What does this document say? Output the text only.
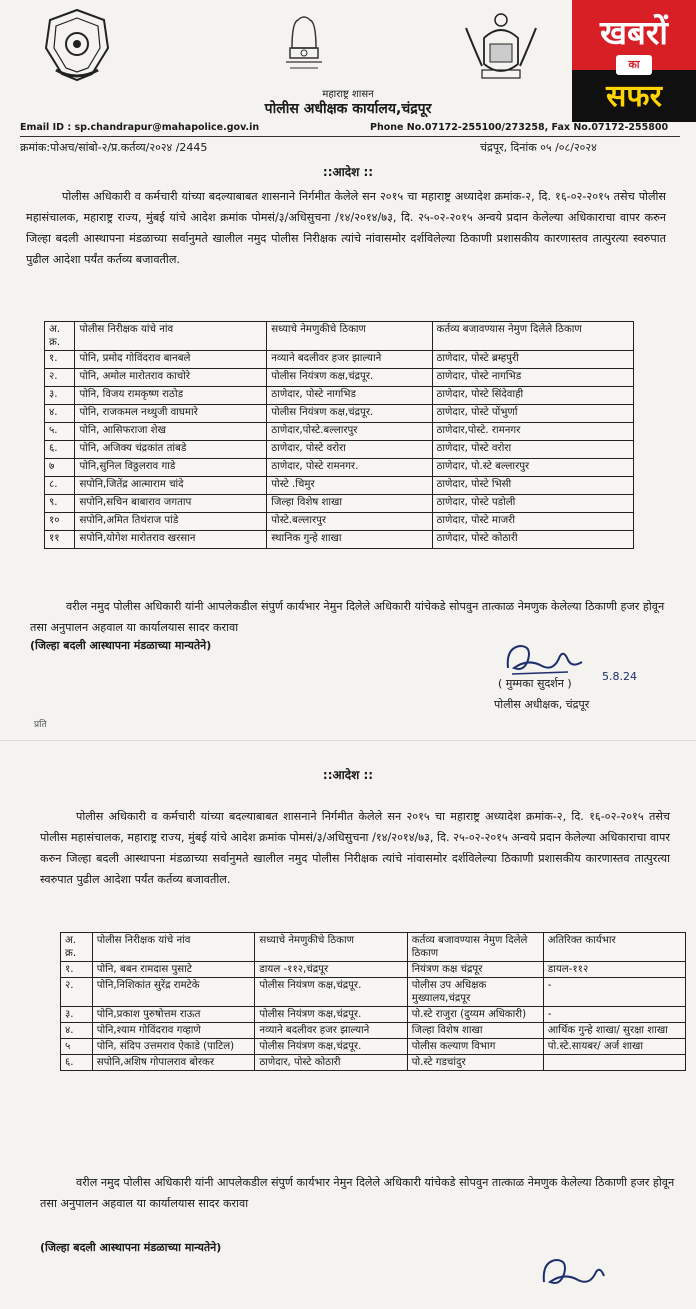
खबरों
का
सफर
महाराष्ट्र शासन
पोलीस अधीक्षक कार्यालय,चंद्रपूर
Email ID : sp.chandrapur@mahapolice.gov.in	Phone No.07172-255100/273258, Fax No.07172-255800
क्रमांक:पोअच/सांबो-२/प्र.कर्तव्य/२०२४ /2445	चंद्रपूर, दिनांक ०५ /०८/२०२४
::आदेश ::

पोलीस अधिकारी व कर्मचारी यांच्या बदल्याबाबत शासनाने निर्गमीत केलेले सन २०१५ चा महाराष्ट्र अध्यादेश क्रमांक-२, दि. १६-०२-२०१५ तसेच पोलीस महासंचालक, महाराष्ट्र राज्य, मुंबई यांचे आदेश क्रमांक पोमसं/३/अधिसुचना /१४/२०१४/७३, दि. २५-०२-२०१५ अन्वये प्रदान केलेल्या अधिकाराचा वापर करुन जिल्हा बदली आस्थापना मंडळाच्या सर्वानुमते खालील नमुद पोलीस निरीक्षक त्यांचे नांवासमोर दर्शविलेल्या ठिकाणी प्रशासकीय कारणास्तव तात्पुरत्या स्वरुपात पुढील आदेशा पर्यंत कर्तव्य बजावतील.

अ. क्र.	पोलीस निरीक्षक यांचे नांव	सध्याचे नेमणुकीचे ठिकाण	कर्तव्य बजावण्यास नेमुण दिलेले ठिकाण
१.	पोनि, प्रमोद गोविंदराव बानबले	नव्याने बदलीवर हजर झाल्याने	ठाणेदार, पोस्टे ब्रम्हपुरी
२.	पोनि, अमोल मारोतराव काचोरे	पोलीस नियंत्रण कक्ष,चंद्रपूर.	ठाणेदार, पोस्टे नागभिड
३.	पोनि, विजय रामकृष्ण राठोड	ठाणेदार, पोस्टे नागभिड	ठाणेदार, पोस्टे सिंदेवाही
४.	पोनि, राजकमल नथ्थुजी वाघमारे	पोलीस नियंत्रण कक्ष,चंद्रपूर.	ठाणेदार, पोस्टे पोंभुर्णा
५.	पोनि, आसिफराजा शेख	ठाणेदार,पोस्टे.बल्लारपुर	ठाणेदार,पोस्टे. रामनगर
६.	पोनि, अजिक्य चंद्रकांत तांबडे	ठाणेदार, पोस्टे वरोरा	ठाणेदार, पोस्टे वरोरा
७	पोनि,सुनिल विठ्ठलराव गाडे	ठाणेदार, पोस्टे रामनगर.	ठाणेदार, पो.स्टे बल्लारपुर
८.	सपोनि,जितेंद्र आत्माराम चांदे	पोस्टे .चिमुर	ठाणेदार, पोस्टे भिसी
९.	सपोनि,सचिन बाबाराव जगताप	जिल्हा विशेष शाखा	ठाणेदार, पोस्टे पडोली
१०	सपोनि,अमित तिथंराज पांडे	पोस्टे.बल्लारपुर	ठाणेदार, पोस्टे माजरी
११	सपोनि,योगेश मारोतराव खरसान	स्थानिक गुन्हे शाखा	ठाणेदार, पोस्टे कोठारी

वरील नमुद पोलीस अधिकारी यांनी आपलेकडील संपुर्ण कार्यभार नेमुन दिलेले अधिकारी यांचेकडे सोपवुन तात्काळ नेमणुक केलेल्या ठिकाणी हजर होवून तसा अनुपालन अहवाल या कार्यालयास सादर करावा

(जिल्हा बदली आस्थापना मंडळाच्या मान्यतेने)
( मुम्मका सुदर्शन )
5.8.24
पोलीस अधीक्षक, चंद्रपूर
प्रति
::आदेश ::

पोलीस अधिकारी व कर्मचारी यांच्या बदल्याबाबत शासनाने निर्गमीत केलेले सन २०१५ चा महाराष्ट्र अध्यादेश क्रमांक-२, दि. १६-०२-२०१५ तसेच पोलीस महासंचालक, महाराष्ट्र राज्य, मुंबई यांचे आदेश क्रमांक पोमसं/३/अधिसुचना /१४/२०१४/७३, दि. २५-०२-२०१५ अन्वये प्रदान केलेल्या अधिकाराचा वापर करुन जिल्हा बदली आस्थापना मंडळाच्या सर्वानुमते खालील नमुद पोलीस निरीक्षक त्यांचे नांवासमोर दर्शविलेल्या ठिकाणी प्रशासकीय कारणास्तव तात्पुरत्या स्वरुपात पुढील आदेशा पर्यंत कर्तव्य बजावतील.

अ. क्र.	पोलीस निरीक्षक यांचे नांव	सध्याचे नेमणुकीचे ठिकाण	कर्तव्य बजावण्यास नेमुण दिलेले ठिकाण	अतिरिक्त कार्यभार
१.	पोनि, बबन रामदास पुसाटे	डायल -११२,चंद्रपूर	नियंत्रण कक्ष चंद्रपूर	डायल-११२
२.	पोनि,निशिकांत सुरेंद्र रामटेके	पोलीस नियंत्रण कक्ष,चंद्रपूर.	पोलीस उप अधिक्षक मुख्यालय,चंद्रपूर	-
३.	पोनि,प्रकाश पुरुषोत्तम राऊत	पोलीस नियंत्रण कक्ष,चंद्रपूर.	पो.स्टे राजुरा (दुय्यम अधिकारी)	-
४.	पोनि,श्याम गोविंदराव गव्हाणे	नव्याने बदलीवर हजर झाल्याने	जिल्हा विशेष शाखा	आर्थिक गुन्हे शाखा/ सुरक्षा शाखा
५	पोनि, संदिप उत्तमराव ऐकाडे (पाटिल)	पोलीस नियंत्रण कक्ष,चंद्रपूर.	पोलीस कल्याण विभाग	पो.स्टे.सायबर/ अर्ज शाखा
६.	सपोनि,अशिष गोपालराव बोरकर	ठाणेदार, पोस्टे कोठारी	पो.स्टे गडचांदुर	

वरील नमुद पोलीस अधिकारी यांनी आपलेकडील संपुर्ण कार्यभार नेमुन दिलेले अधिकारी यांचेकडे सोपवुन तात्काळ नेमणुक केलेल्या ठिकाणी हजर होवून तसा अनुपालन अहवाल या कार्यालयास सादर करावा

(जिल्हा बदली आस्थापना मंडळाच्या मान्यतेने)
